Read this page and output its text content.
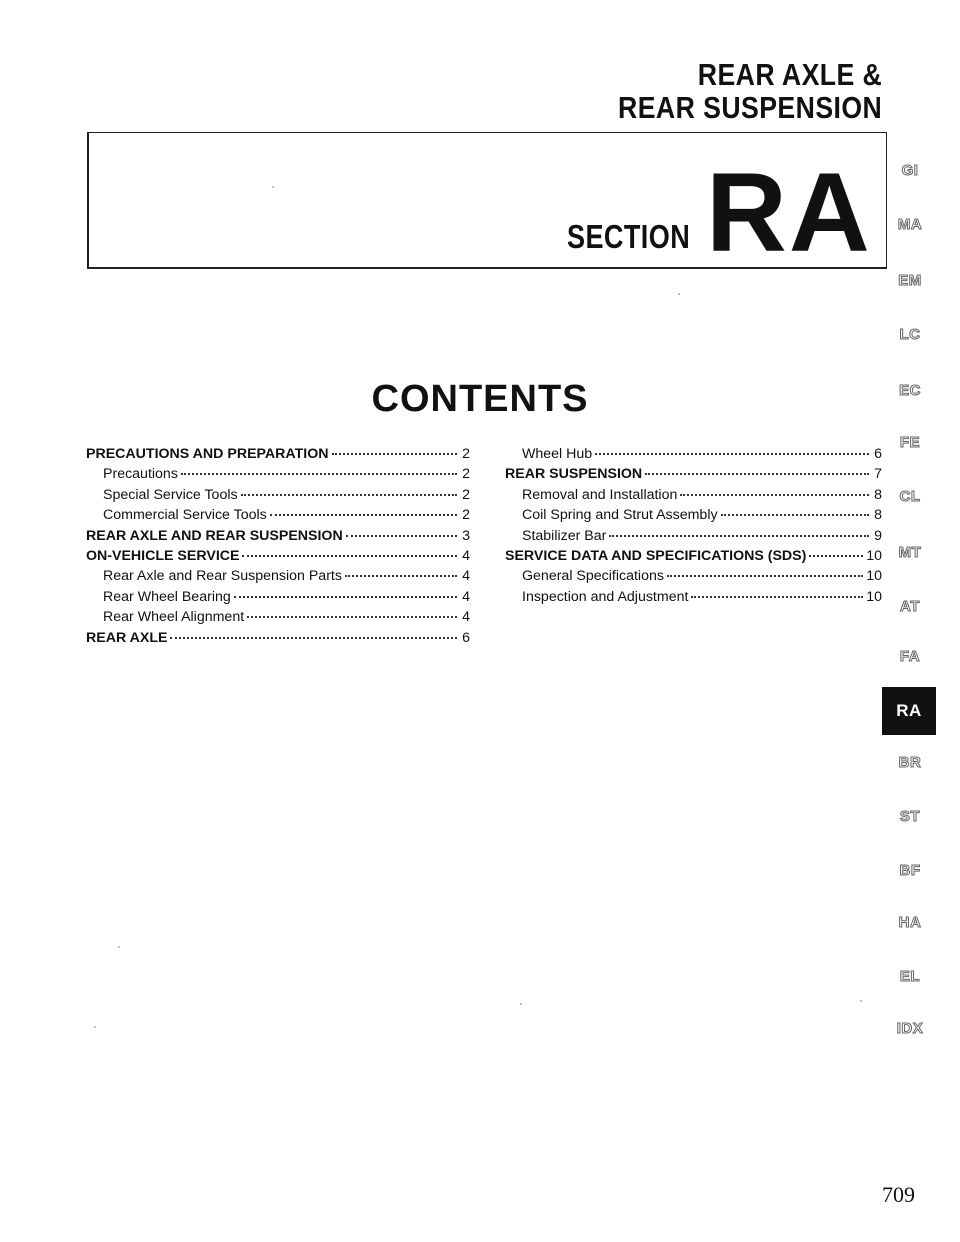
REAR AXLE &
REAR SUSPENSION
SECTION RA
CONTENTS
PRECAUTIONS AND PREPARATION	2
Precautions	2
Special Service Tools	2
Commercial Service Tools	2
REAR AXLE AND REAR SUSPENSION	3
ON-VEHICLE SERVICE	4
Rear Axle and Rear Suspension Parts	4
Rear Wheel Bearing	4
Rear Wheel Alignment	4
REAR AXLE	6
Wheel Hub	6
REAR SUSPENSION	7
Removal and Installation	8
Coil Spring and Strut Assembly	8
Stabilizer Bar	9
SERVICE DATA AND SPECIFICATIONS (SDS)	10
General Specifications	10
Inspection and Adjustment	10
GI
MA
EM
LC
EC
FE
CL
MT
AT
FA
RA
BR
ST
BF
HA
EL
IDX
709
